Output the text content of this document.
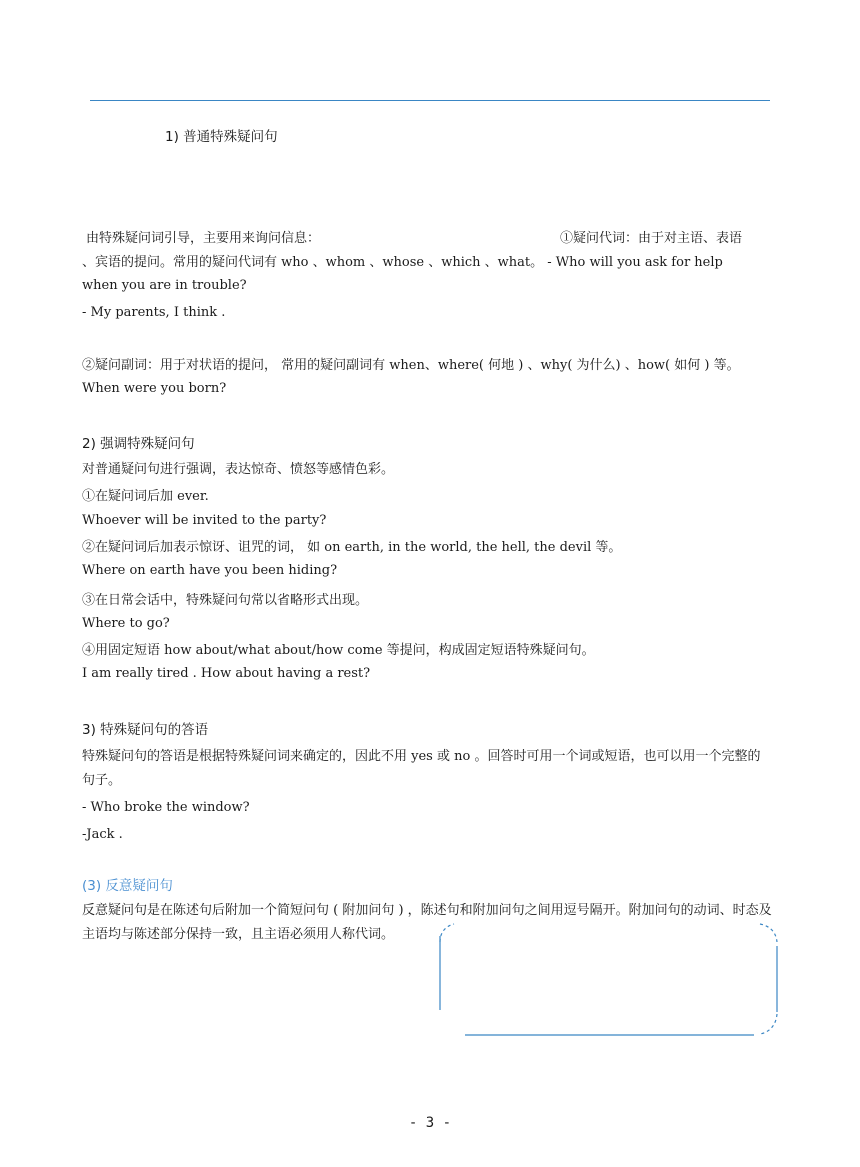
1) 普通特殊疑问句
由特殊疑问词引导，主要用来询问信息：	①疑问代词：由于对主语、表语
、宾语的提问。常用的疑问代词有 who 、whom 、whose 、which 、what。 - Who will you ask for help
when you are in trouble?
- My parents, I think .
②疑问副词：用于对状语的提问， 常用的疑问副词有 when、where( 何地 ) 、why( 为什么) 、how( 如何 ) 等。
When were you born?
2) 强调特殊疑问句
对普通疑问句进行强调，表达惊奇、愤怒等感情色彩。
①在疑问词后加 ever.
Whoever will be invited to the party?
②在疑问词后加表示惊讶、诅咒的词， 如 on earth, in the world, the hell, the devil 等。
Where on earth have you been hiding?
③在日常会话中，特殊疑问句常以省略形式出现。
Where to go?
④用固定短语 how about/what about/how come 等提问，构成固定短语特殊疑问句。
I am really tired . How about having a rest?
3) 特殊疑问句的答语
特殊疑问句的答语是根据特殊疑问词来确定的，因此不用 yes 或 no 。回答时可用一个词或短语，也可以用一个完整的句子。
- Who broke the window?
-Jack .
(3) 反意疑问句
反意疑问句是在陈述句后附加一个简短问句 ( 附加问句 ) ，陈述句和附加问句之间用逗号隔开。附加问句的动词、时态及主语均与陈述部分保持一致，且主语必须用人称代词。
- 3 -
